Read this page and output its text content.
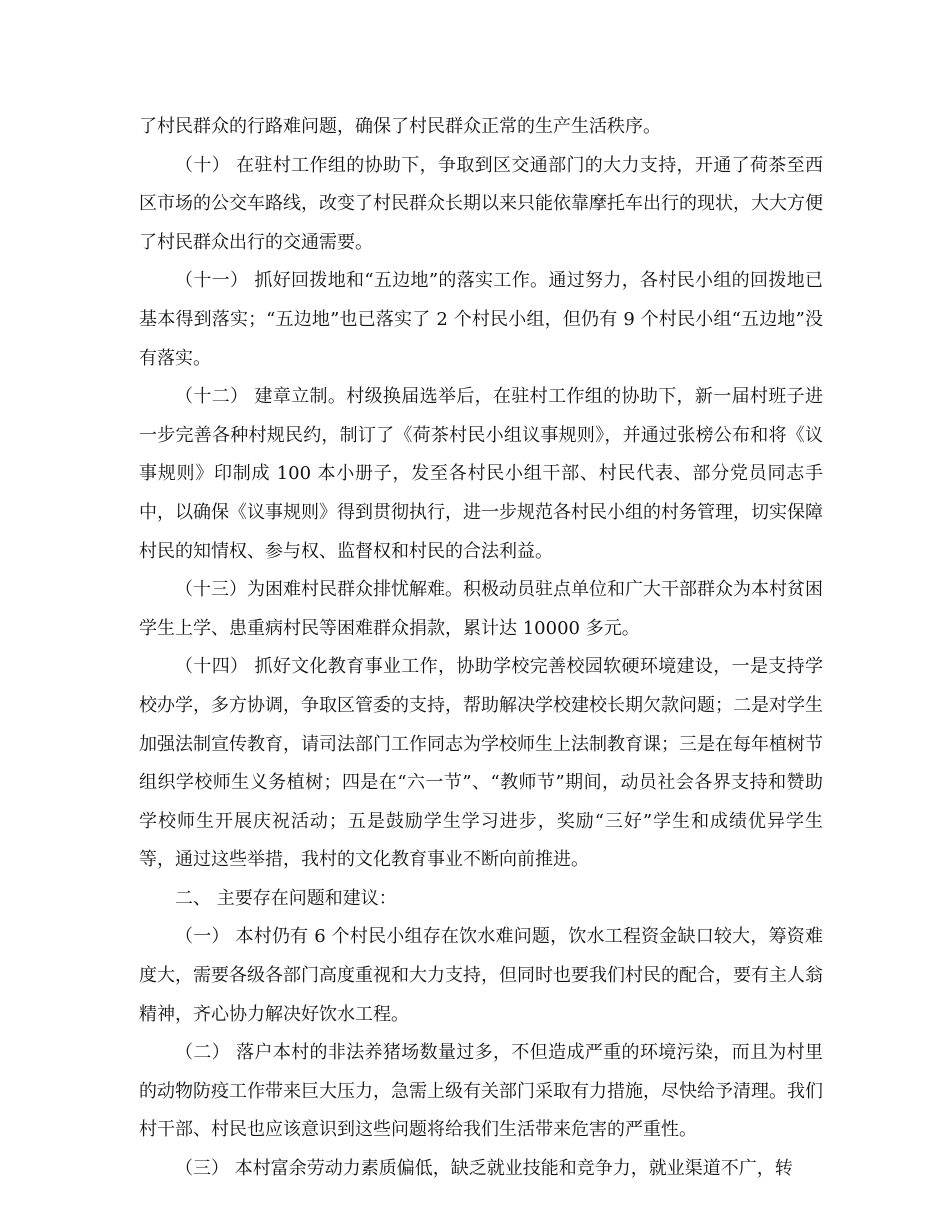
了村民群众的行路难问题，确保了村民群众正常的生产生活秩序。

（十） 在驻村工作组的协助下，争取到区交通部门的大力支持，开通了荷茶至西区市场的公交车路线，改变了村民群众长期以来只能依靠摩托车出行的现状，大大方便了村民群众出行的交通需要。

（十一） 抓好回拨地和“五边地”的落实工作。通过努力，各村民小组的回拨地已基本得到落实；“五边地”也已落实了 2 个村民小组，但仍有 9 个村民小组“五边地”没有落实。

（十二） 建章立制。村级换届选举后，在驻村工作组的协助下，新一届村班子进一步完善各种村规民约，制订了《荷茶村民小组议事规则》，并通过张榜公布和将《议事规则》印制成 100 本小册子，发至各村民小组干部、村民代表、部分党员同志手中，以确保《议事规则》得到贯彻执行，进一步规范各村民小组的村务管理，切实保障村民的知情权、参与权、监督权和村民的合法利益。

（十三）为困难村民群众排忧解难。积极动员驻点单位和广大干部群众为本村贫困学生上学、患重病村民等困难群众捐款，累计达 10000 多元。

（十四） 抓好文化教育事业工作，协助学校完善校园软硬环境建设，一是支持学校办学，多方协调，争取区管委的支持，帮助解决学校建校长期欠款问题；二是对学生加强法制宣传教育，请司法部门工作同志为学校师生上法制教育课；三是在每年植树节组织学校师生义务植树；四是在“六一节”、“教师节”期间，动员社会各界支持和赞助学校师生开展庆祝活动；五是鼓励学生学习进步，奖励“三好”学生和成绩优异学生等，通过这些举措，我村的文化教育事业不断向前推进。

二、 主要存在问题和建议：

（一） 本村仍有 6 个村民小组存在饮水难问题，饮水工程资金缺口较大，筹资难度大，需要各级各部门高度重视和大力支持，但同时也要我们村民的配合，要有主人翁精神，齐心协力解决好饮水工程。

（二） 落户本村的非法养猪场数量过多，不但造成严重的环境污染，而且为村里的动物防疫工作带来巨大压力，急需上级有关部门采取有力措施，尽快给予清理。我们村干部、村民也应该意识到这些问题将给我们生活带来危害的严重性。

（三） 本村富余劳动力素质偏低，缺乏就业技能和竞争力，就业渠道不广，转
